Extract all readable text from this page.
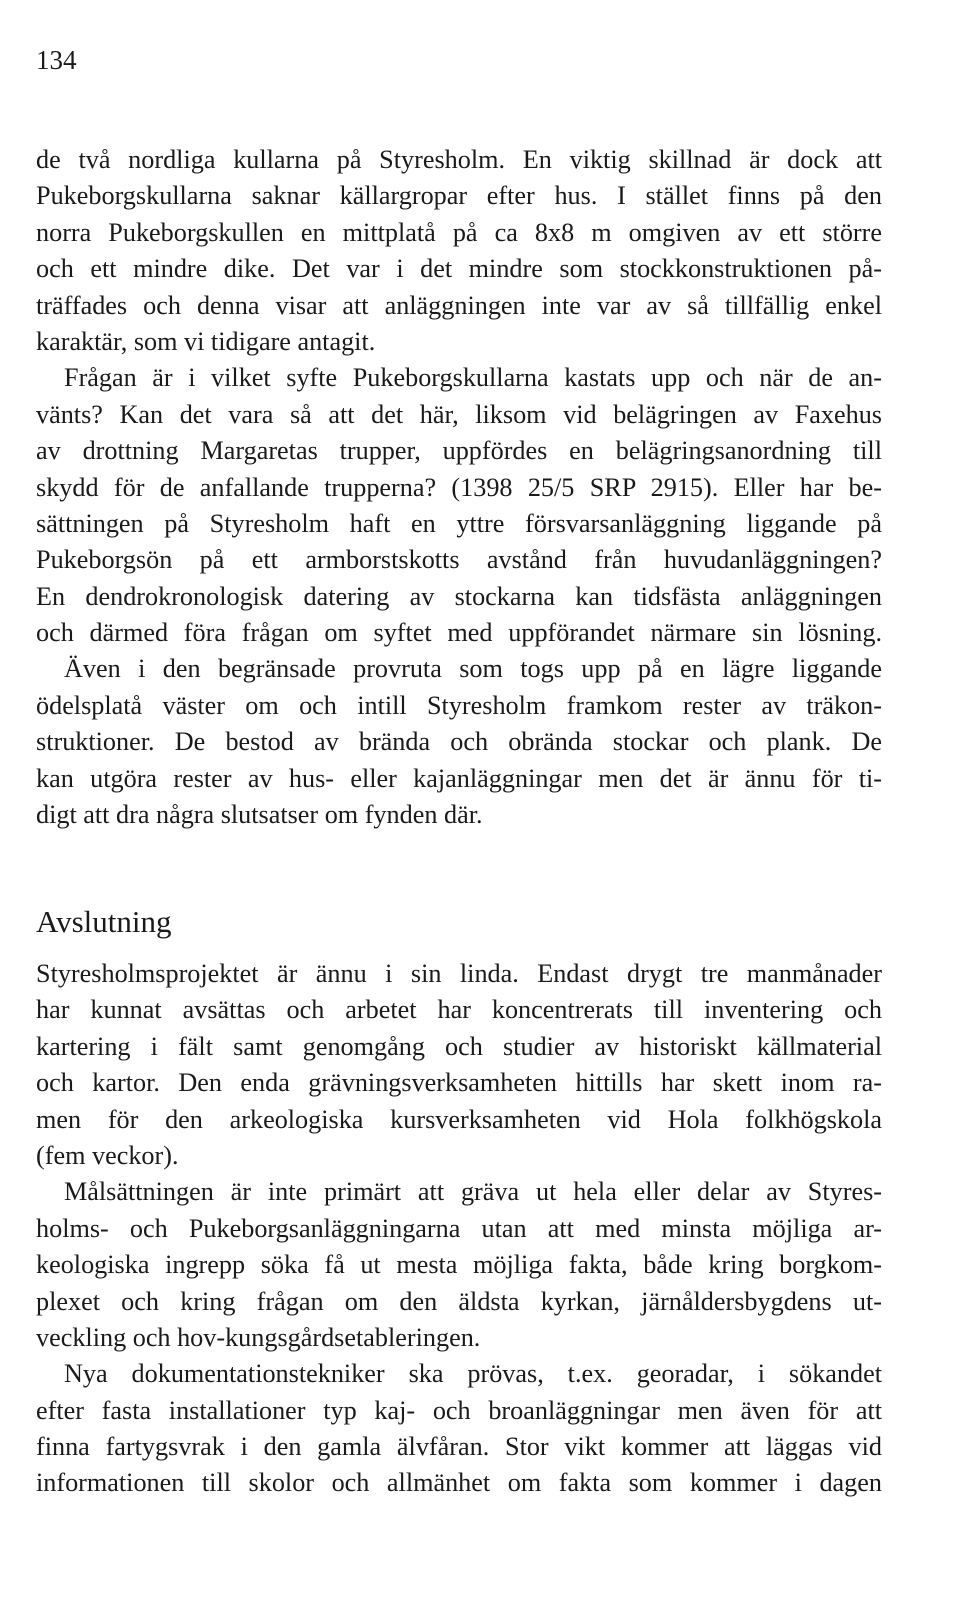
134
de två nordliga kullarna på Styresholm. En viktig skillnad är dock att
Pukeborgskullarna saknar källargropar efter hus. I stället finns på den
norra Pukeborgskullen en mittplatå på ca 8x8 m omgiven av ett större
och ett mindre dike. Det var i det mindre som stockkonstruktionen på-
träffades och denna visar att anläggningen inte var av så tillfällig enkel
karaktär, som vi tidigare antagit.
Frågan är i vilket syfte Pukeborgskullarna kastats upp och när de an-
vänts? Kan det vara så att det här, liksom vid belägringen av Faxehus
av drottning Margaretas trupper, uppfördes en belägringsanordning till
skydd för de anfallande trupperna? (1398 25/5 SRP 2915). Eller har be-
sättningen på Styresholm haft en yttre försvarsanläggning liggande på
Pukeborgsön på ett armborstskotts avstånd från huvudanläggningen?
En dendrokronologisk datering av stockarna kan tidsfästa anläggningen
och därmed föra frågan om syftet med uppförandet närmare sin lösning.
Även i den begränsade provruta som togs upp på en lägre liggande
ödelsplatå väster om och intill Styresholm framkom rester av träkon-
struktioner. De bestod av brända och obrända stockar och plank. De
kan utgöra rester av hus- eller kajanläggningar men det är ännu för ti-
digt att dra några slutsatser om fynden där.
Avslutning
Styresholmsprojektet är ännu i sin linda. Endast drygt tre manmånader
har kunnat avsättas och arbetet har koncentrerats till inventering och
kartering i fält samt genomgång och studier av historiskt källmaterial
och kartor. Den enda grävningsverksamheten hittills har skett inom ra-
men för den arkeologiska kursverksamheten vid Hola folkhögskola
(fem veckor).
Målsättningen är inte primärt att gräva ut hela eller delar av Styres-
holms- och Pukeborgsanläggningarna utan att med minsta möjliga ar-
keologiska ingrepp söka få ut mesta möjliga fakta, både kring borgkom-
plexet och kring frågan om den äldsta kyrkan, järnåldersbygdens ut-
veckling och hov-kungsgårdsetableringen.
Nya dokumentationstekniker ska prövas, t.ex. georadar, i sökandet
efter fasta installationer typ kaj- och broanläggningar men även för att
finna fartygsvrak i den gamla älvfåran. Stor vikt kommer att läggas vid
informationen till skolor och allmänhet om fakta som kommer i dagen
